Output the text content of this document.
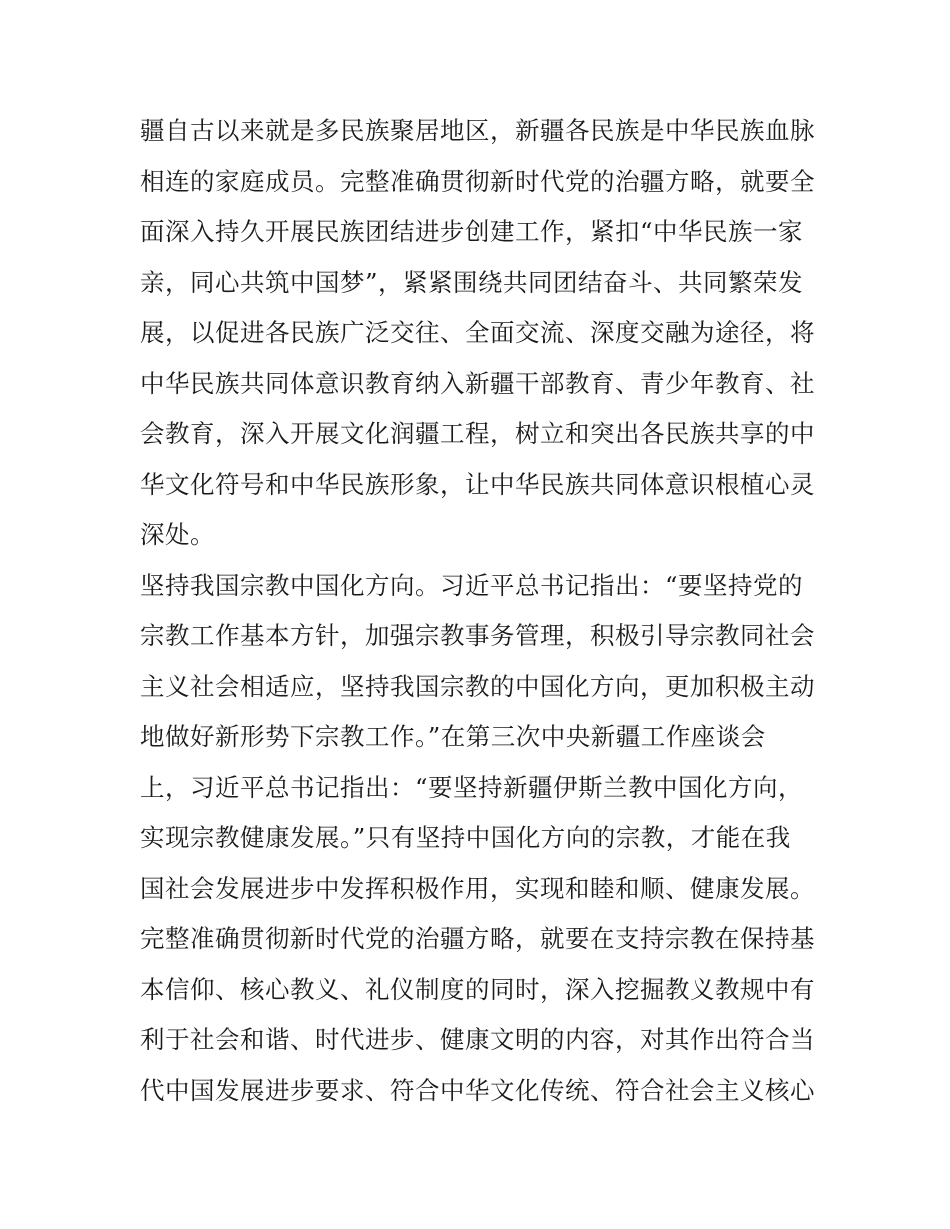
疆自古以来就是多民族聚居地区，新疆各民族是中华民族血脉
相连的家庭成员。完整准确贯彻新时代党的治疆方略，就要全
面深入持久开展民族团结进步创建工作，紧扣“中华民族一家
亲，同心共筑中国梦”，紧紧围绕共同团结奋斗、共同繁荣发
展，以促进各民族广泛交往、全面交流、深度交融为途径，将
中华民族共同体意识教育纳入新疆干部教育、青少年教育、社
会教育，深入开展文化润疆工程，树立和突出各民族共享的中
华文化符号和中华民族形象，让中华民族共同体意识根植心灵
深处。
坚持我国宗教中国化方向。习近平总书记指出：“要坚持党的
宗教工作基本方针，加强宗教事务管理，积极引导宗教同社会
主义社会相适应，坚持我国宗教的中国化方向，更加积极主动
地做好新形势下宗教工作。”在第三次中央新疆工作座谈会
上，习近平总书记指出：“要坚持新疆伊斯兰教中国化方向，
实现宗教健康发展。”只有坚持中国化方向的宗教，才能在我
国社会发展进步中发挥积极作用，实现和睦和顺、健康发展。
完整准确贯彻新时代党的治疆方略，就要在支持宗教在保持基
本信仰、核心教义、礼仪制度的同时，深入挖掘教义教规中有
利于社会和谐、时代进步、健康文明的内容，对其作出符合当
代中国发展进步要求、符合中华文化传统、符合社会主义核心
